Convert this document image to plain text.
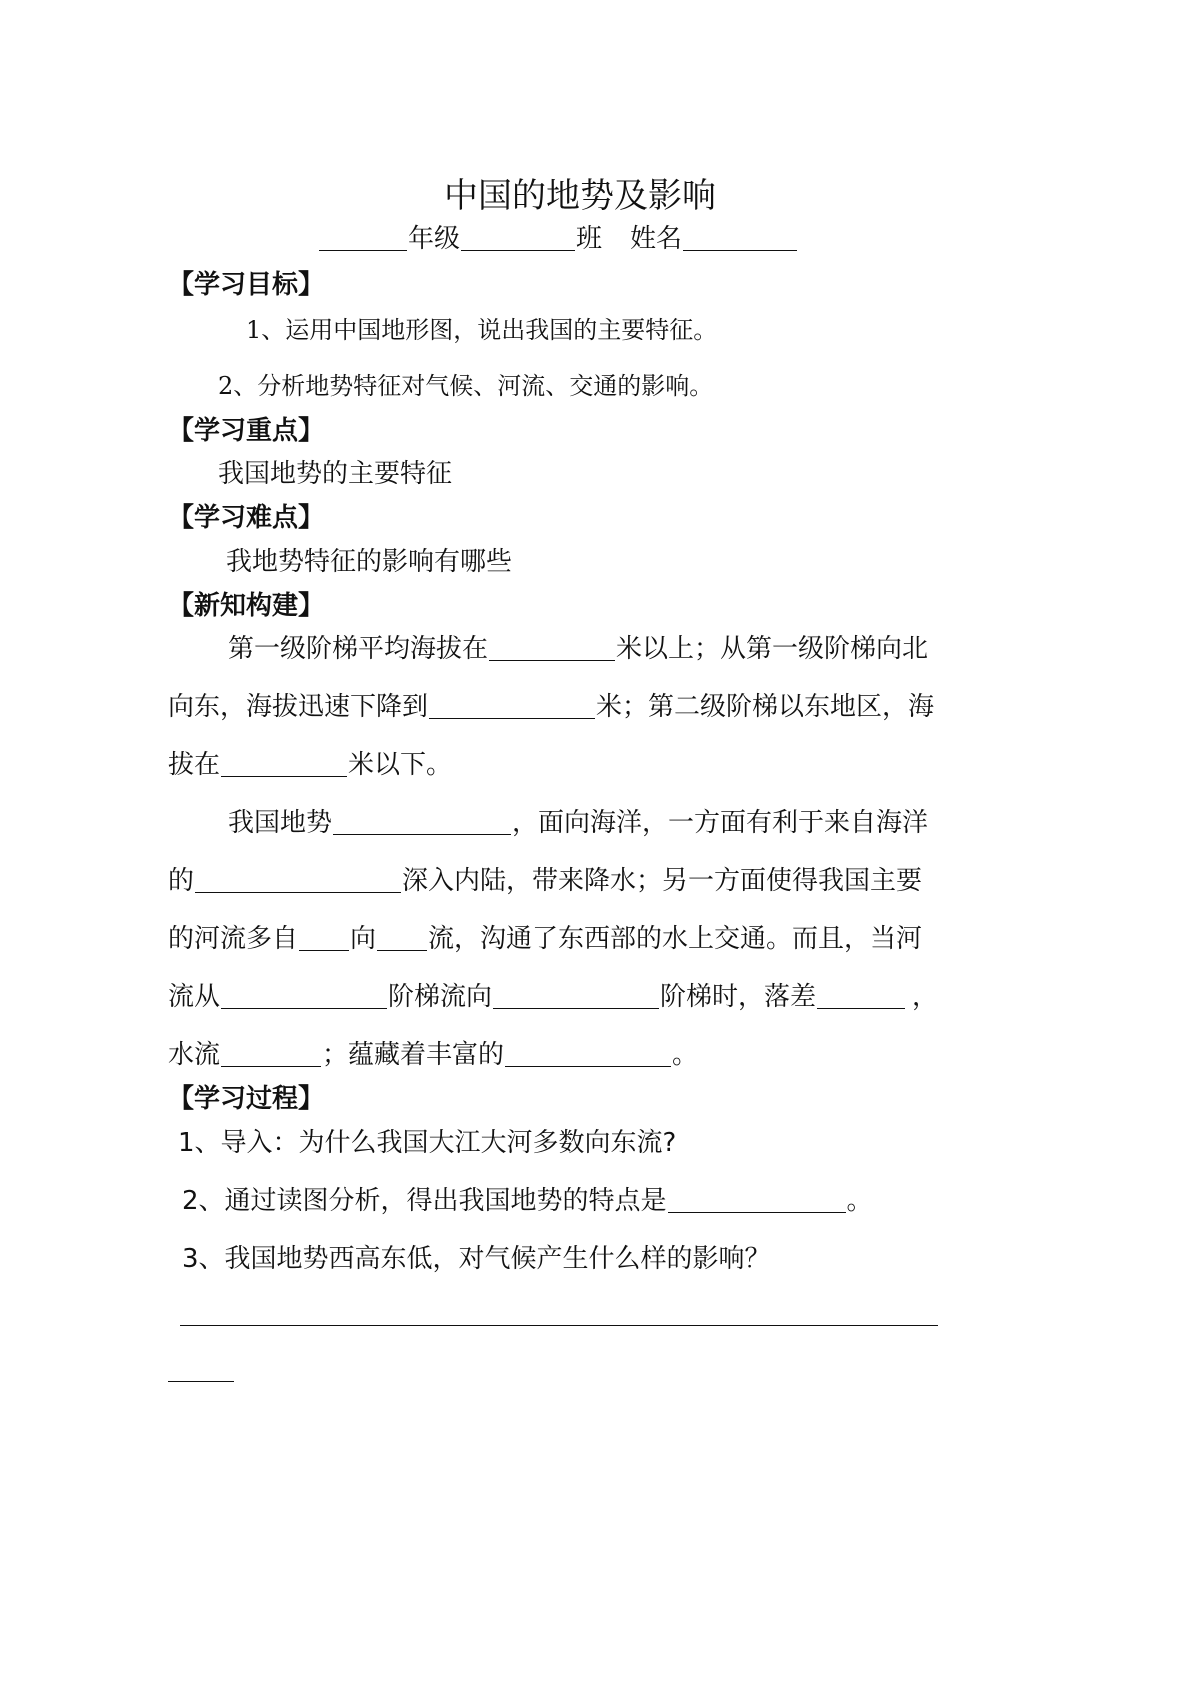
中国的地势及影响
年级	班 姓名
【学习目标】
1、运用中国地形图，说出我国的主要特征。
2、分析地势特征对气候、河流、交通的影响。
【学习重点】
我国地势的主要特征
【学习难点】
我地势特征的影响有哪些
【新知构建】
第一级阶梯平均海拔在	米以上；从第一级阶梯向北
向东，海拔迅速下降到	米；第二级阶梯以东地区，海
拔在	米以下。
我国地势	，面向海洋，一方面有利于来自海洋
的	深入内陆，带来降水；另一方面使得我国主要
的河流多自 向 流，沟通了东西部的水上交通。而且，当河
流从	阶梯流向	阶梯时，落差	，
水流	；蕴藏着丰富的	。
【学习过程】
1、导入：为什么我国大江大河多数向东流?
2、通过读图分析，得出我国地势的特点是	。
3、我国地势西高东低，对气候产生什么样的影响？
